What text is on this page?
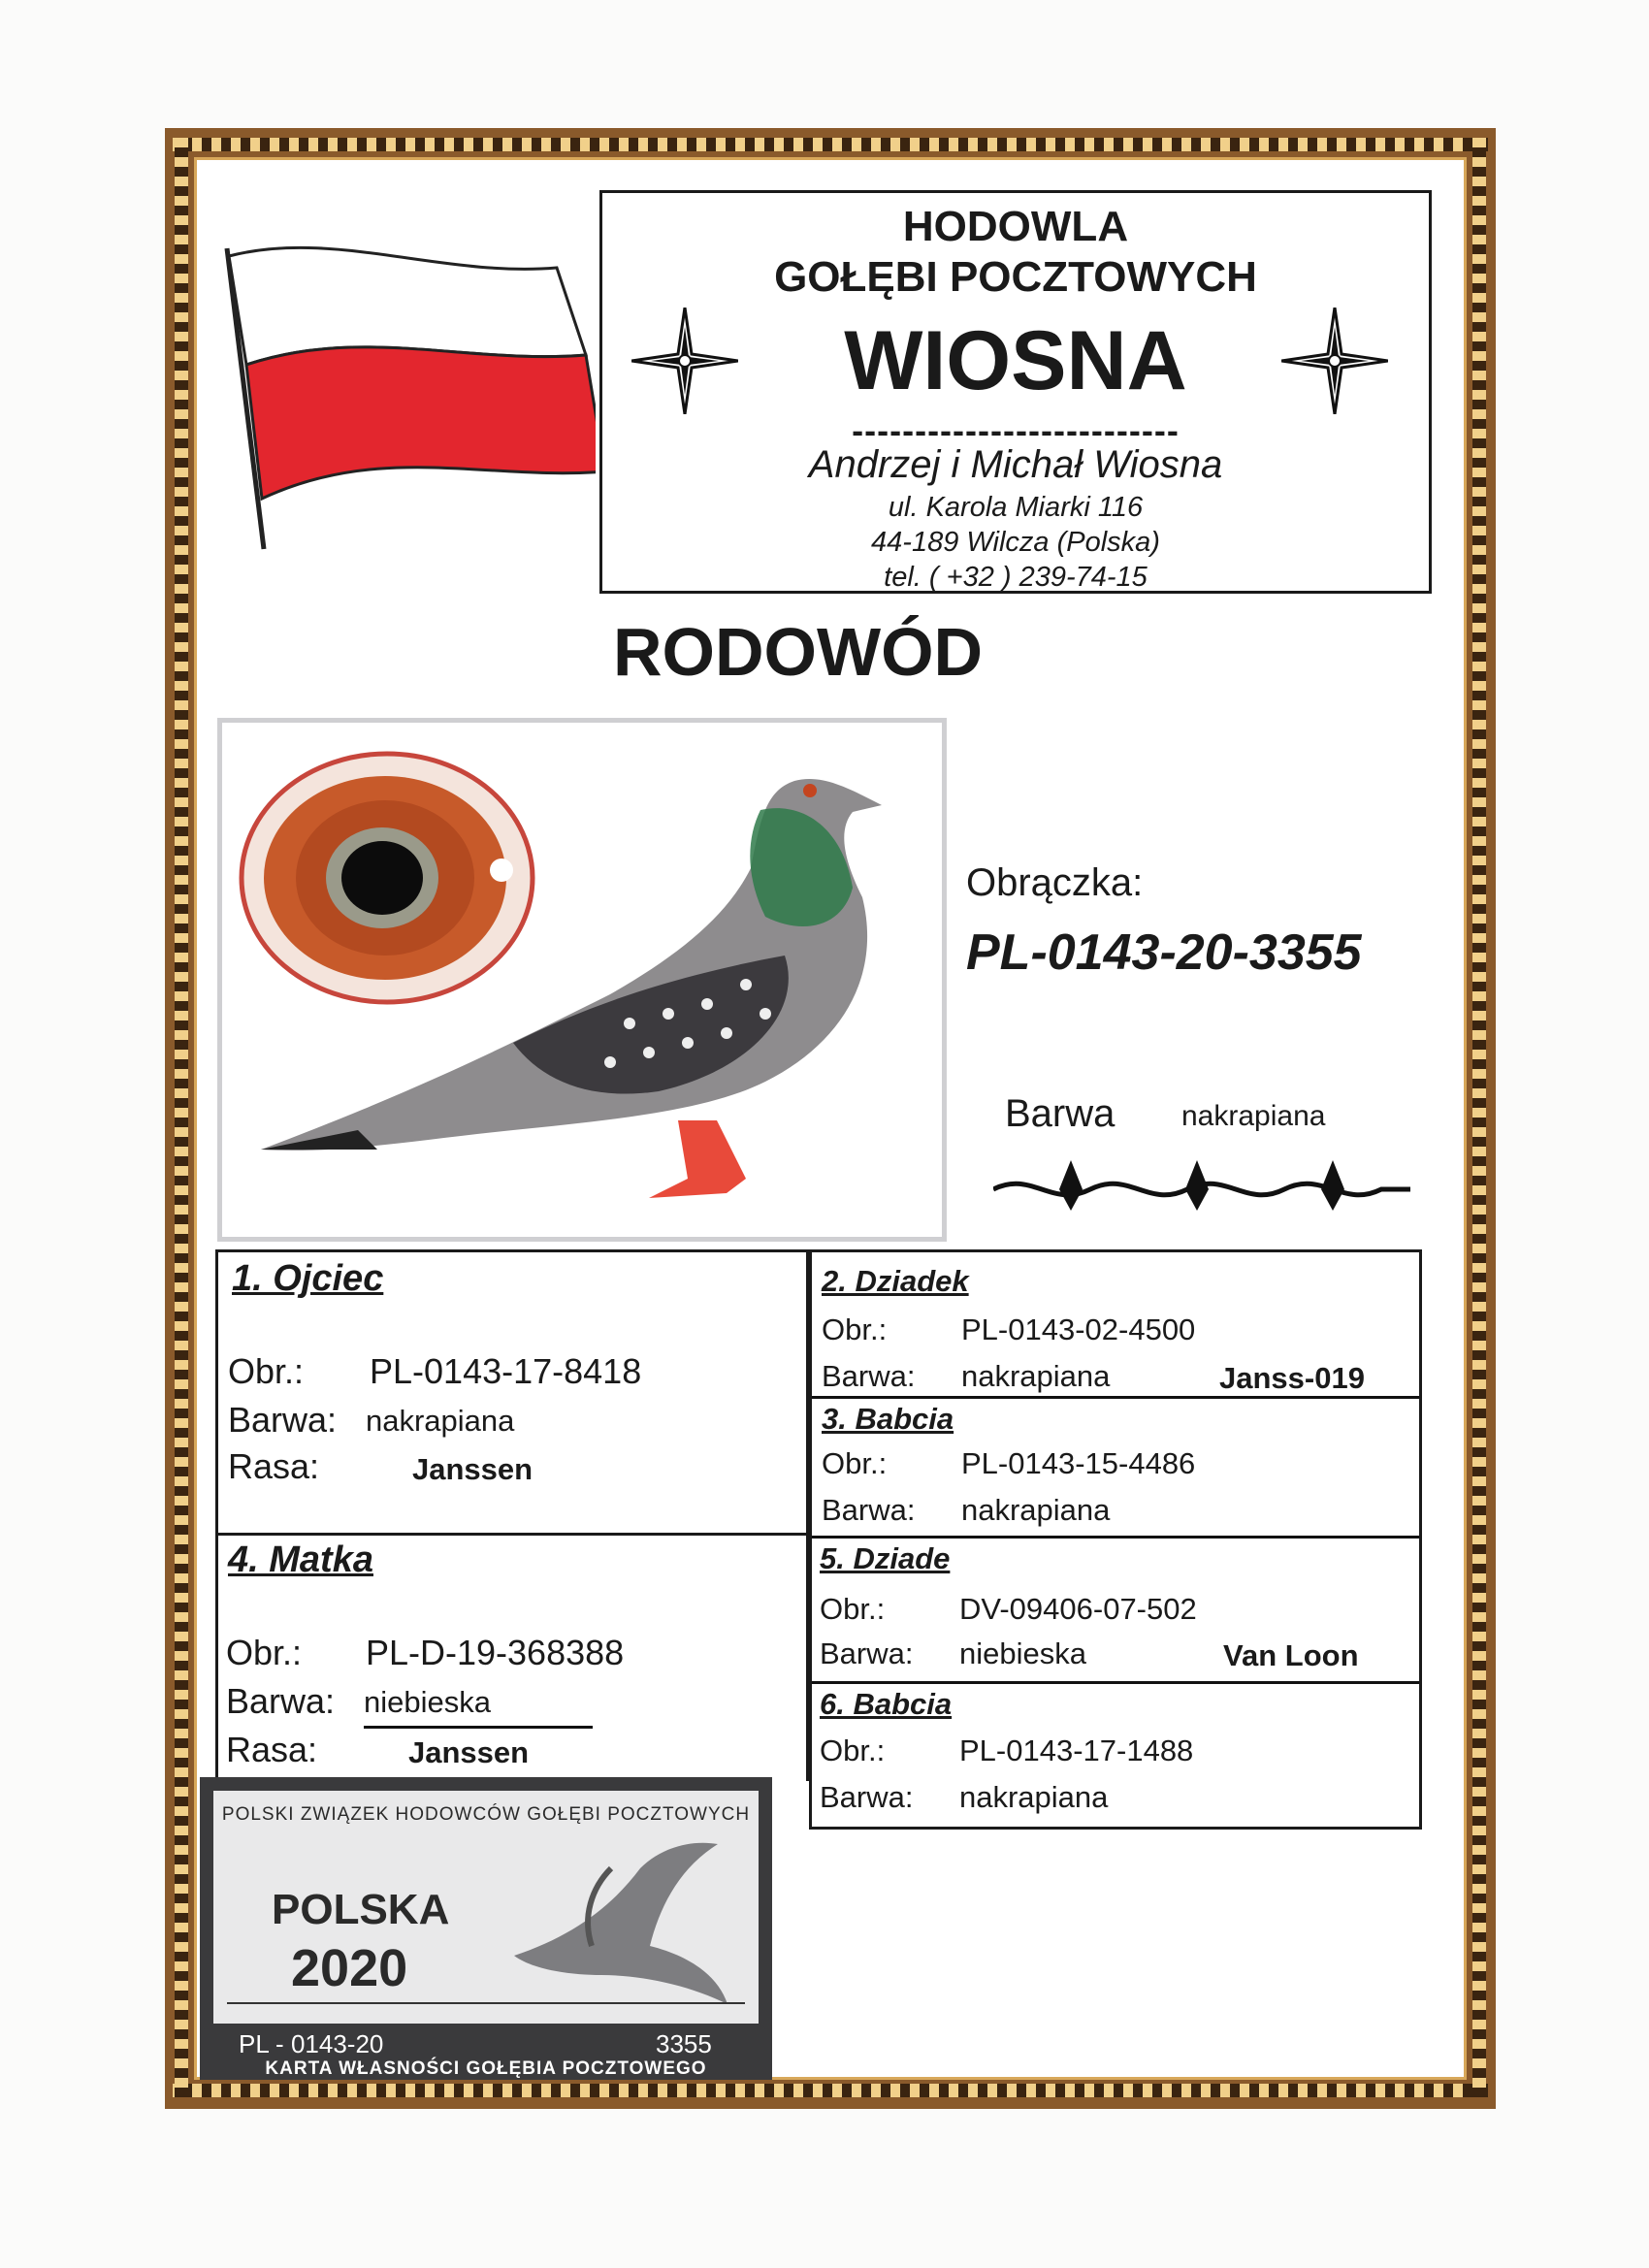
HODOWLA
GOŁĘBI POCZTOWYCH
WIOSNA
--------------------------
Andrzej i Michał Wiosna
ul. Karola Miarki 116
44-189 Wilcza (Polska)
tel. ( +32 ) 239-74-15
RODOWÓD
Obrączka:
PL-0143-20-3355
Barwa nakrapiana
1. Ojciec
Obr.: PL-0143-17-8418
Barwa: nakrapiana
Rasa:	Janssen
4. Matka
Obr.: PL-D-19-368388
Barwa: niebieska
Rasa:	Janssen
2. Dziadek
Obr.: PL-0143-02-4500
Barwa: nakrapiana	Janss-019
3. Babcia
Obr.: PL-0143-15-4486
Barwa: nakrapiana
5. Dziade
Obr.: DV-09406-07-502
Barwa: niebieska	Van Loon
6. Babcia
Obr.: PL-0143-17-1488
Barwa: nakrapiana
POLSKI ZWIĄZEK HODOWCÓW GOŁĘBI POCZTOWYCH
POLSKA
2020
PL - 0143-20	3355
KARTA WŁASNOŚCI GOŁĘBIA POCZTOWEGO
